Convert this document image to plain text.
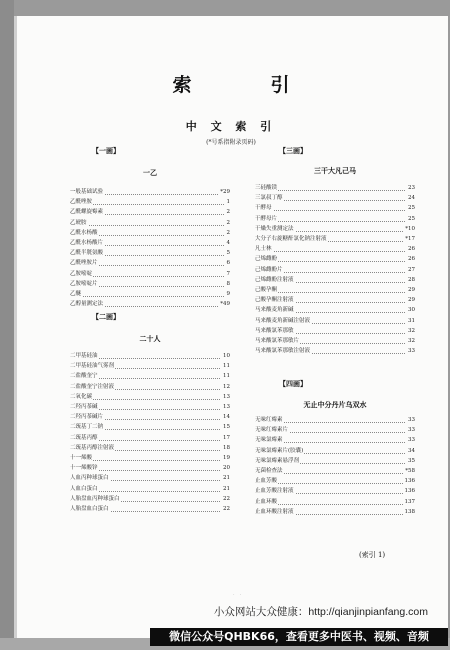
索　引
中 文 索 引
(*号系指附录页码)
【一画】
一乙
一般基础试验	*29
乙酰唑胺	1
乙酰螺旋霉素	2
乙琥胺	2
乙酰水杨酸	2
乙酰水杨酸片	4
乙酰半胱氨酸	5
乙酰唑胺片	6
乙胺嘧啶	7
乙胺嘧啶片	8
乙醚	9
乙醇量测定法	*49
【二画】
二十人
二甲基硅油	10
二甲基硅油气雾剂	11
二盐酸奎宁	11
二盐酸奎宁注射液	12
二氧化碳	13
二羟丙茶碱	13
二羟丙茶碱片	14
二巯基丁二钠	15
二巯基丙醇	17
二巯基丙醇注射液	18
十一烯酸	19
十一烯酸锌	20
人血丙种球蛋白	21
人血白蛋白	21
人胎盘血丙种球蛋白	22
人胎盘血白蛋白	22
【三画】
三干大凡己马
三硅酸镁	23
三氯叔丁醇	24
干酵母	25
干酵母片	25
干燥失重测定法	*10
大分子右旋糖酐氯化钠注射液	*17
凡士林	26
己烯雌酚	26
己烯雌酚片	27
己烯雌酚注射液	28
己酸孕酮	29
己酸孕酮注射液	29
马来酸麦角新碱	30
马来酸麦角新碱注射液	31
马来酸氯苯那敏	32
马来酸氯苯那敏片	32
马来酸氯苯那敏注射液	33
【四画】
无止中分丹片乌双水
无味红霉素	33
无味红霉素片	33
无味氯霉素	33
无味氯霉素片(胶囊)	34
无味氯霉素悬浮剂	35
无菌检查法	*58
止血芳酸	136
止血芳酸注射液	136
止血环酸	137
止血环酸注射液	138
(索引 1)
·　·
小众网站大众健康：http://qianjinpianfang.com
微信公众号QHBK66，查看更多中医书、视频、音频
